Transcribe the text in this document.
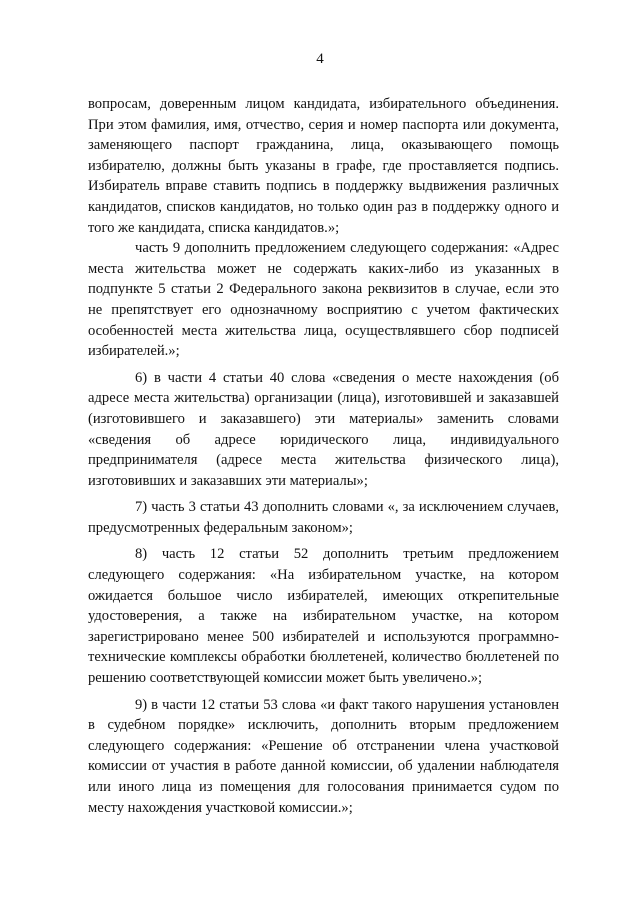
4

вопросам, доверенным лицом кандидата, избирательного объединения. При этом фамилия, имя, отчество, серия и номер паспорта или документа, заменяющего паспорт гражданина, лица, оказывающего помощь избирателю, должны быть указаны в графе, где проставляется подпись. Избиратель вправе ставить подпись в поддержку выдвижения различных кандидатов, списков кандидатов, но только один раз в поддержку одного и того же кандидата, списка кандидатов.»;

часть 9 дополнить предложением следующего содержания: «Адрес места жительства может не содержать каких-либо из указанных в подпункте 5 статьи 2 Федерального закона реквизитов в случае, если это не препятствует его однозначному восприятию с учетом фактических особенностей места жительства лица, осуществлявшего сбор подписей избирателей.»;

6) в части 4 статьи 40 слова «сведения о месте нахождения (об адресе места жительства) организации (лица), изготовившей и заказавшей (изготовившего и заказавшего) эти материалы» заменить словами «сведения об адресе юридического лица, индивидуального предпринимателя (адресе места жительства физического лица), изготовивших и заказавших эти материалы»;

7) часть 3 статьи 43 дополнить словами «, за исключением случаев, предусмотренных федеральным законом»;

8) часть 12 статьи 52 дополнить третьим предложением следующего содержания: «На избирательном участке, на котором ожидается большое число избирателей, имеющих открепительные удостоверения, а также на избирательном участке, на котором зарегистрировано менее 500 избирателей и используются программно-технические комплексы обработки бюллетеней, количество бюллетеней по решению соответствующей комиссии может быть увеличено.»;

9) в части 12 статьи 53 слова «и факт такого нарушения установлен в судебном порядке» исключить, дополнить вторым предложением следующего содержания: «Решение об отстранении члена участковой комиссии от участия в работе данной комиссии, об удалении наблюдателя или иного лица из помещения для голосования принимается судом по месту нахождения участковой комиссии.»;
